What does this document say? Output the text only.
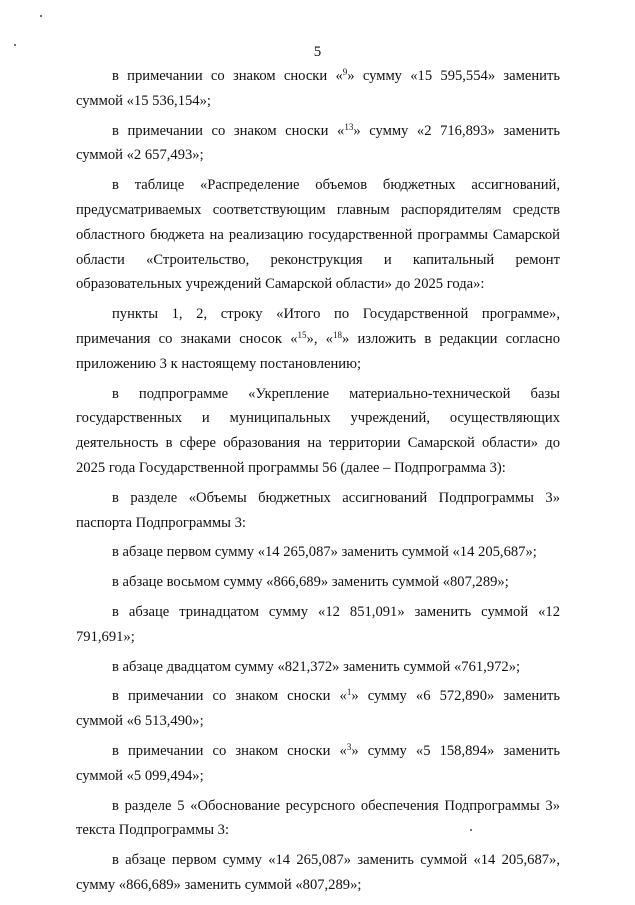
5

в примечании со знаком сноски «$^9$» сумму «15 595,554» заменить суммой «15 536,154»;

в примечании со знаком сноски «$^{13}$» сумму «2 716,893» заменить суммой «2 657,493»;

в таблице «Распределение объемов бюджетных ассигнований, предусматриваемых соответствующим главным распорядителям средств областного бюджета на реализацию государственной программы Самарской области «Строительство, реконструкция и капитальный ремонт образовательных учреждений Самарской области» до 2025 года»:

пункты 1, 2, строку «Итого по Государственной программе», примечания со знаками сносок «$^{15}$», «$^{18}$» изложить в редакции согласно приложению 3 к настоящему постановлению;

в подпрограмме «Укрепление материально-технической базы государственных и муниципальных учреждений, осуществляющих деятельность в сфере образования на территории Самарской области» до 2025 года Государственной программы 56 (далее – Подпрограмма 3):

в разделе «Объемы бюджетных ассигнований Подпрограммы 3» паспорта Подпрограммы 3:

в абзаце первом сумму «14 265,087» заменить суммой «14 205,687»;

в абзаце восьмом сумму «866,689» заменить суммой «807,289»;

в абзаце тринадцатом сумму «12 851,091» заменить суммой «12 791,691»;

в абзаце двадцатом сумму «821,372» заменить суммой «761,972»;

в примечании со знаком сноски «$^1$» сумму «6 572,890» заменить суммой «6 513,490»;

в примечании со знаком сноски «$^3$» сумму «5 158,894» заменить суммой «5 099,494»;

в разделе 5 «Обоснование ресурсного обеспечения Подпрограммы 3» текста Подпрограммы 3:

в абзаце первом сумму «14 265,087» заменить суммой «14 205,687», сумму «866,689» заменить суммой «807,289»;
